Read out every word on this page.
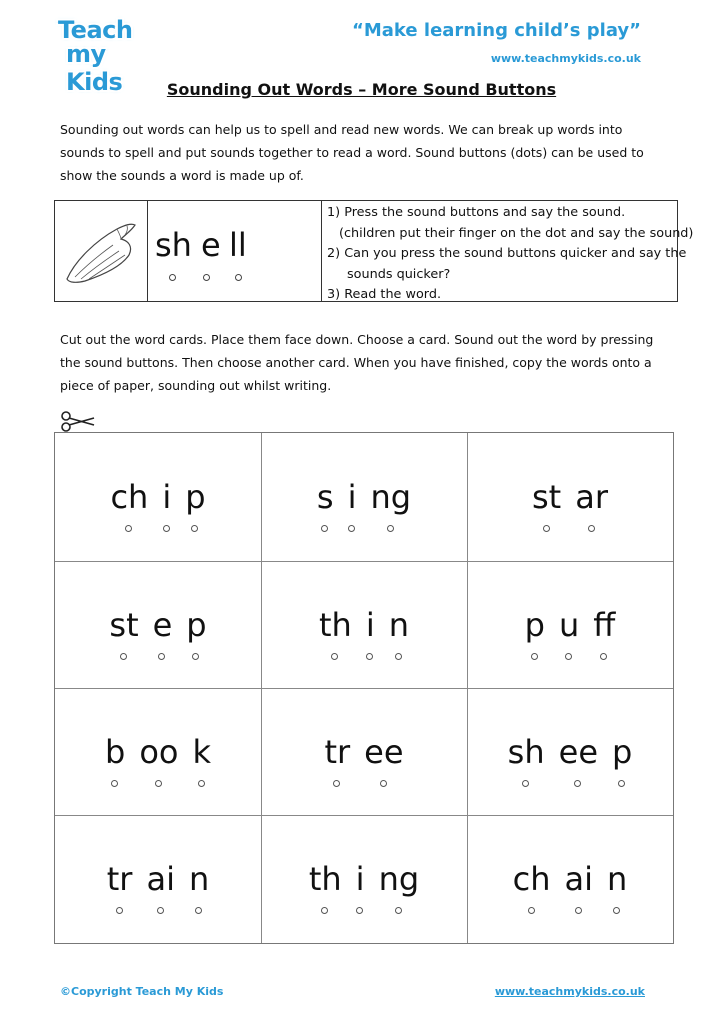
Teach
my Kids
“Make learning child’s play”
www.teachmykids.co.uk
Sounding Out Words – More Sound Buttons
Sounding out words can help us to spell and read new words. We can break up words into sounds to spell and put sounds together to read a word. Sound buttons (dots) can be used to show the sounds a word is made up of.
sh e ll
1) Press the sound buttons and say the sound.
(children put their finger on the dot and say the sound)
2) Can you press the sound buttons quicker and say the
sounds quicker?
3) Read the word.
Cut out the word cards. Place them face down. Choose a card. Sound out the word by pressing the sound buttons. Then choose another card. When you have finished, copy the words onto a piece of paper, sounding out whilst writing.
ch i p	s i ng	st ar
st e p	th i n	p u ff
b oo k	tr ee	sh ee p
tr ai n	th i ng	ch ai n
©Copyright Teach My Kids	www.teachmykids.co.uk
